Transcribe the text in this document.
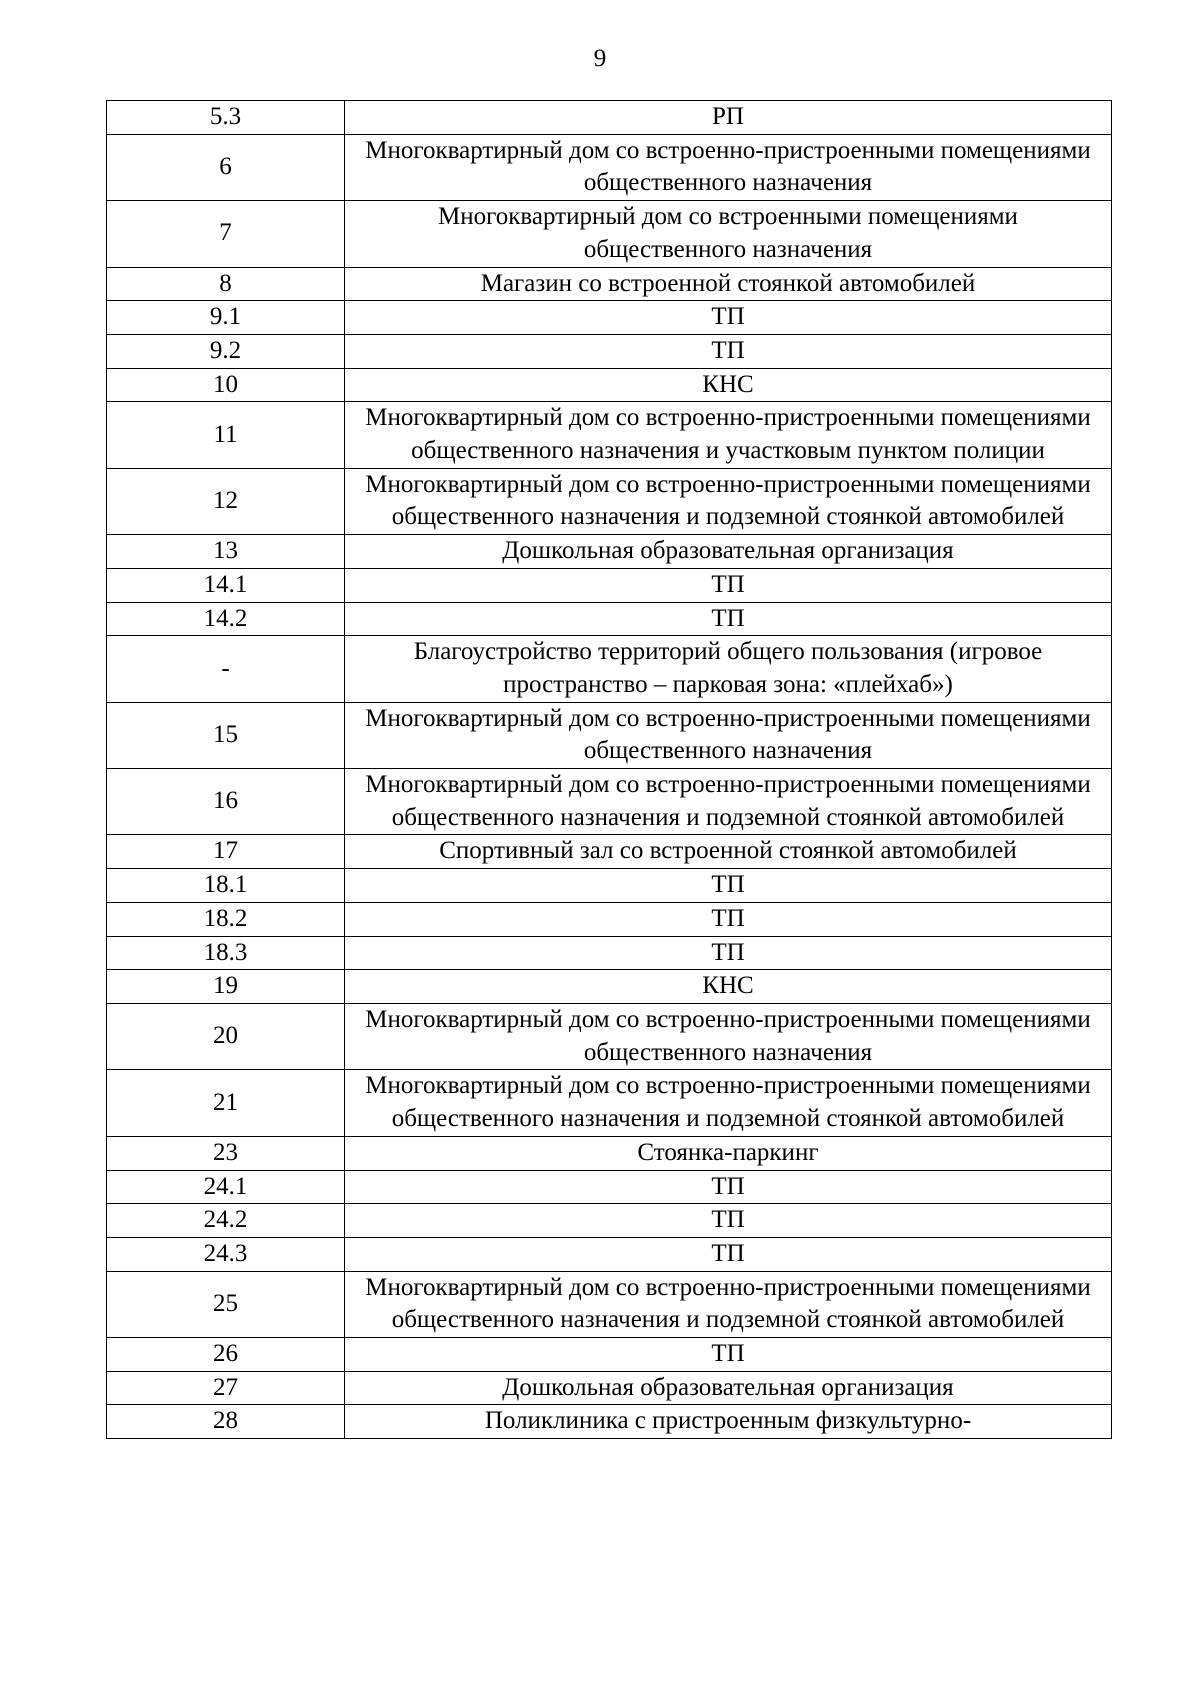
9
5.3	РП

6	Многоквартирный дом со встроенно-пристроенными помещениями общественного назначения

7	Многоквартирный дом со встроенными помещениями общественного назначения

8	Магазин со встроенной стоянкой автомобилей

9.1	ТП

9.2	ТП

10	КНС

11	Многоквартирный дом со встроенно-пристроенными помещениями общественного назначения и участковым пунктом полиции

12	Многоквартирный дом со встроенно-пристроенными помещениями общественного назначения и подземной стоянкой автомобилей

13	Дошкольная образовательная организация

14.1	ТП

14.2	ТП

-	Благоустройство территорий общего пользования (игровое пространство – парковая зона: «плейхаб»)

15	Многоквартирный дом со встроенно-пристроенными помещениями общественного назначения

16	Многоквартирный дом со встроенно-пристроенными помещениями общественного назначения и подземной стоянкой автомобилей

17	Спортивный зал со встроенной стоянкой автомобилей

18.1	ТП

18.2	ТП

18.3	ТП

19	КНС

20	Многоквартирный дом со встроенно-пристроенными помещениями общественного назначения

21	Многоквартирный дом со встроенно-пристроенными помещениями общественного назначения и подземной стоянкой автомобилей

23	Стоянка-паркинг

24.1	ТП

24.2	ТП

24.3	ТП

25	Многоквартирный дом со встроенно-пристроенными помещениями общественного назначения и подземной стоянкой автомобилей

26	ТП

27	Дошкольная образовательная организация

28	Поликлиника с пристроенным физкультурно-
